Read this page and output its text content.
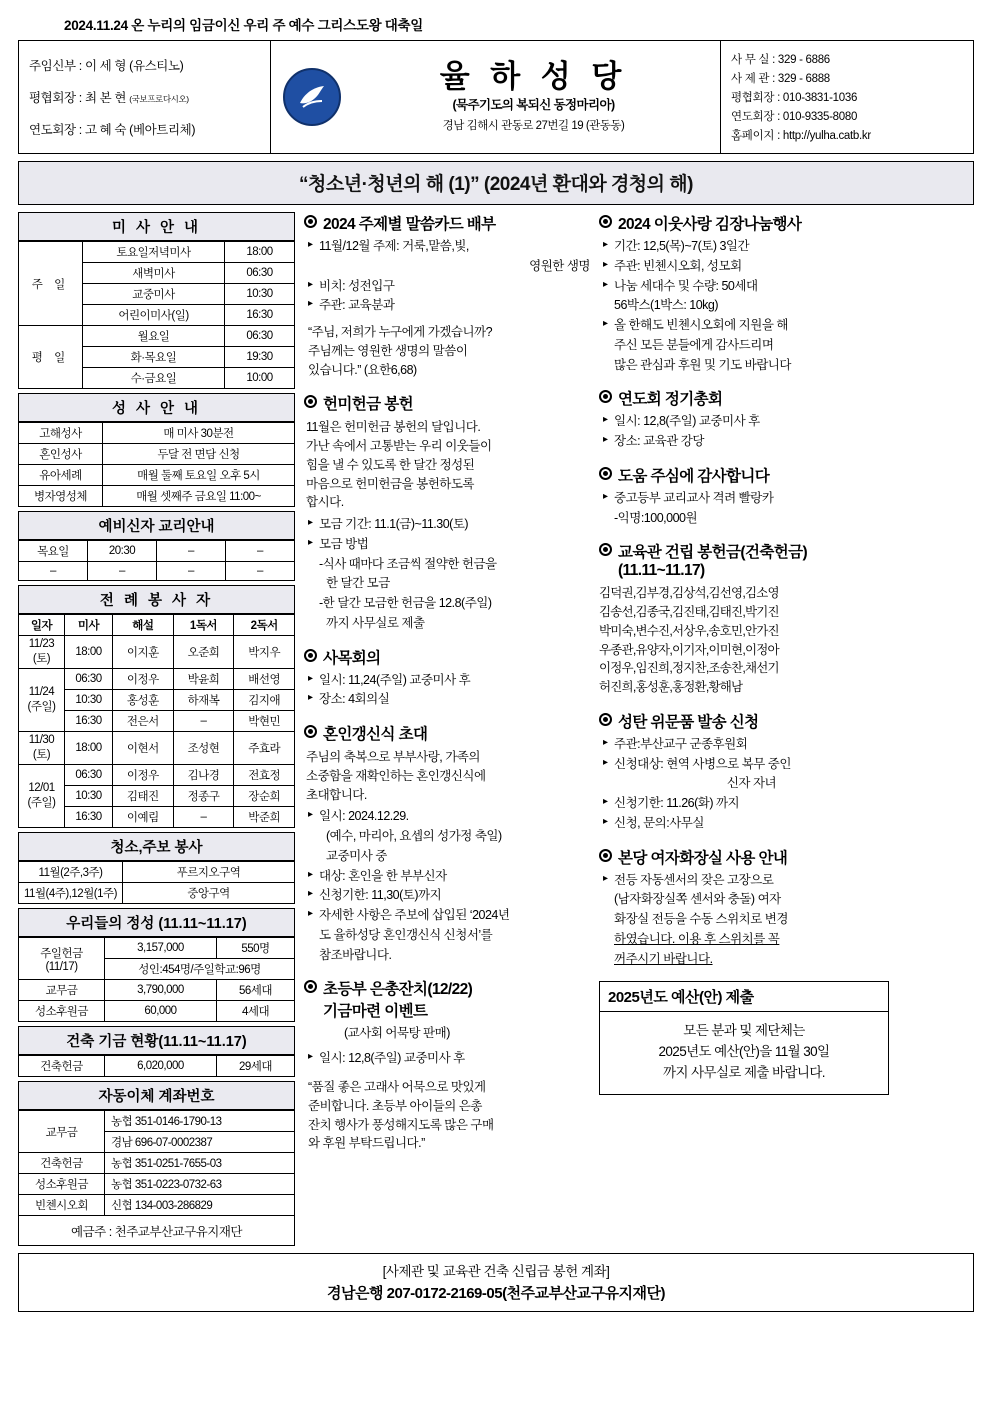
2024.11.24 온 누리의 임금이신 우리 주 예수 그리스도왕 대축일
주임신부 : 이 세 형 (유스티노)
평협회장 : 최 본 현 (국보프로다시오)
연도회장 : 고 혜 숙 (베아트리체)
율 하 성 당
(묵주기도의 복되신 동정마리아)
경남 김해시 관동로 27번길 19 (관동동)
사 무 실 : 329 - 6886
사 제 관 : 329 - 6888
평협회장 : 010-3831-1036
연도회장 : 010-9335-8080
홈페이지 : http://yulha.catb.kr
“청소년·청년의 해 (1)” (2024년 환대와 경청의 해)
미 사 안 내
주 일	토요일저녁미사	18:00
	새벽미사	06:30
	교중미사	10:30
	어린이미사(일)	16:30
평 일	월요일	06:30
	화·목요일	19:30
	수·금요일	10:00
성 사 안 내
고해성사	매 미사 30분전
혼인성사	두달 전 면담 신청
유아세례	매월 둘째 토요일 오후 5시
병자영성체	매월 셋째주 금요일 11:00~
예비신자 교리안내
목요일	20:30	–	–
–	–	–	–
전 례 봉 사 자
일자	미사	해설	1독서	2독서
11/23
(토)	18:00	이지훈	오준희	박지우
11/24
(주일)	06:30	이정우	박윤희	배선영
	10:30	홍성훈	하재복	김지애
	16:30	전은서	–	박현민
11/30
(토)	18:00	이현서	조성현	주효라
12/01
(주일)	06:30	이정우	김나경	전효정
	10:30	김태진	정종구	장순희
	16:30	이예림	–	박준희
청소,주보 봉사
11월(2주,3주)	푸르지오구역
11월(4주),12월(1주)	중앙구역
우리들의 정성 (11.11~11.17)
주일헌금
(11/17)	3,157,000	550명
	성인:454명/주일학교:96명	
교무금	3,790,000	56세대
성소후원금	60,000	4세대
건축 기금 현황(11.11~11.17)
건축헌금	6,020,000	29세대
자동이체 계좌번호
교무금	농협 351-0146-1790-13
	경남 696-07-0002387
건축헌금	농협 351-0251-7655-03
성소후원금	농협 351-0223-0732-63
빈첸시오회	신협 134-003-286829
예금주 : 천주교부산교구유지재단	
2024 주제별 말씀카드 배부
▸ 11월/12월 주제: 거룩,맡씀,빛,
영원한 생명
▸ 비치: 성전입구
▸ 주관: 교육분과
“주님, 저희가 누구에게 가겠습니까?
주님께는 영원한 생명의 말씀이
있습니다.” (요한6,68)
헌미헌금 봉헌
11월은 헌미헌금 봉헌의 달입니다.
가난 속에서 고통받는 우리 이웃들이
힘을 낼 수 있도록 한 달간 정성된
마음으로 헌미헌금을 봉헌하도록
합시다.
▸ 모금 기간: 11.1(금)~11.30(토)
▸ 모금 방법
-식사 때마다 조금씩 절약한 헌금을
한 달간 모금
-한 달간 모금한 헌금을 12.8(주일)
까지 사무실로 제출
사목회의
▸ 일시: 11,24(주일) 교중미사 후
▸ 장소: 4회의실
혼인갱신식 초대
주님의 축복으로 부부사랑, 가족의
소중함을 재확인하는 혼인갱신식에
초대합니다.
▸ 일시: 2024.12.29.
(예수, 마리아, 요셉의 성가정 축일)
교중미사 중
▸ 대상: 혼인을 한 부부신자
▸ 신청기한: 11,30(토)까지
▸ 자세한 사항은 주보에 삽입된 ‘2024년
도 율하성당 혼인갱신식 신청서’를
참조바랍니다.
초등부 은총잔치(12/22)
기금마련 이벤트
(교사회 어묵탕 판매)
▸ 일시: 12,8(주일) 교중미사 후
“품질 좋은 고래사 어묵으로 맛있게
준비합니다. 초등부 아이들의 은총
잔치 행사가 풍성해지도록 많은 구매
와 후원 부탁드립니다.”
2024 이웃사랑 김장나눔행사
▸ 기간: 12,5(목)~7(토) 3일간
▸ 주관: 빈첸시오회, 성모회
▸ 나눔 세대수 및 수량: 50세대
56박스(1박스: 10kg)
▸ 올 한해도 빈첸시오회에 지원을 해
주신 모든 분들에게 감사드리며
많은 관심과 후원 및 기도 바랍니다
연도회 정기총회
▸ 일시: 12,8(주일) 교중미사 후
▸ 장소: 교육관 강당
도움 주심에 감사합니다
▸ 중고등부 교리교사 격려 빨랑카
-익명:100,000원
교육관 건립 봉헌금(건축헌금)
(11.11~11.17)
김덕권,김부경,김상석,김선영,김소영
김송선,김종국,김진태,김태진,박기진
박미숙,변수진,서상우,송호민,안가진
우종관,유양자,이기자,이미현,이정아
이정우,임진희,정지찬,조송찬,채선기
허진희,홍성훈,홍정환,황해남
성탄 위문품 발송 신청
▸ 주관:부산교구 군종후원회
▸ 신청대상: 현역 사병으로 복무 중인
신자 자녀
▸ 신청기한: 11.26(화) 까지
▸ 신청, 문의:사무실
본당 여자화장실 사용 안내
▸ 전등 자동센서의 잦은 고장으로
(남자화장실쪽 센서와 충돌) 여자
화장실 전등을 수동 스위치로 변경
하였습니다. 이용 후 스위치를 꼭
꺼주시기 바랍니다.
2025년도 예산(안) 제출
모든 분과 및 제단체는
2025년도 예산(안)을 11월 30일
까지 사무실로 제출 바랍니다.
[사제관 및 교육관 건축 신립금 봉헌 계좌]
경남은행 207-0172-2169-05(천주교부산교구유지재단)
